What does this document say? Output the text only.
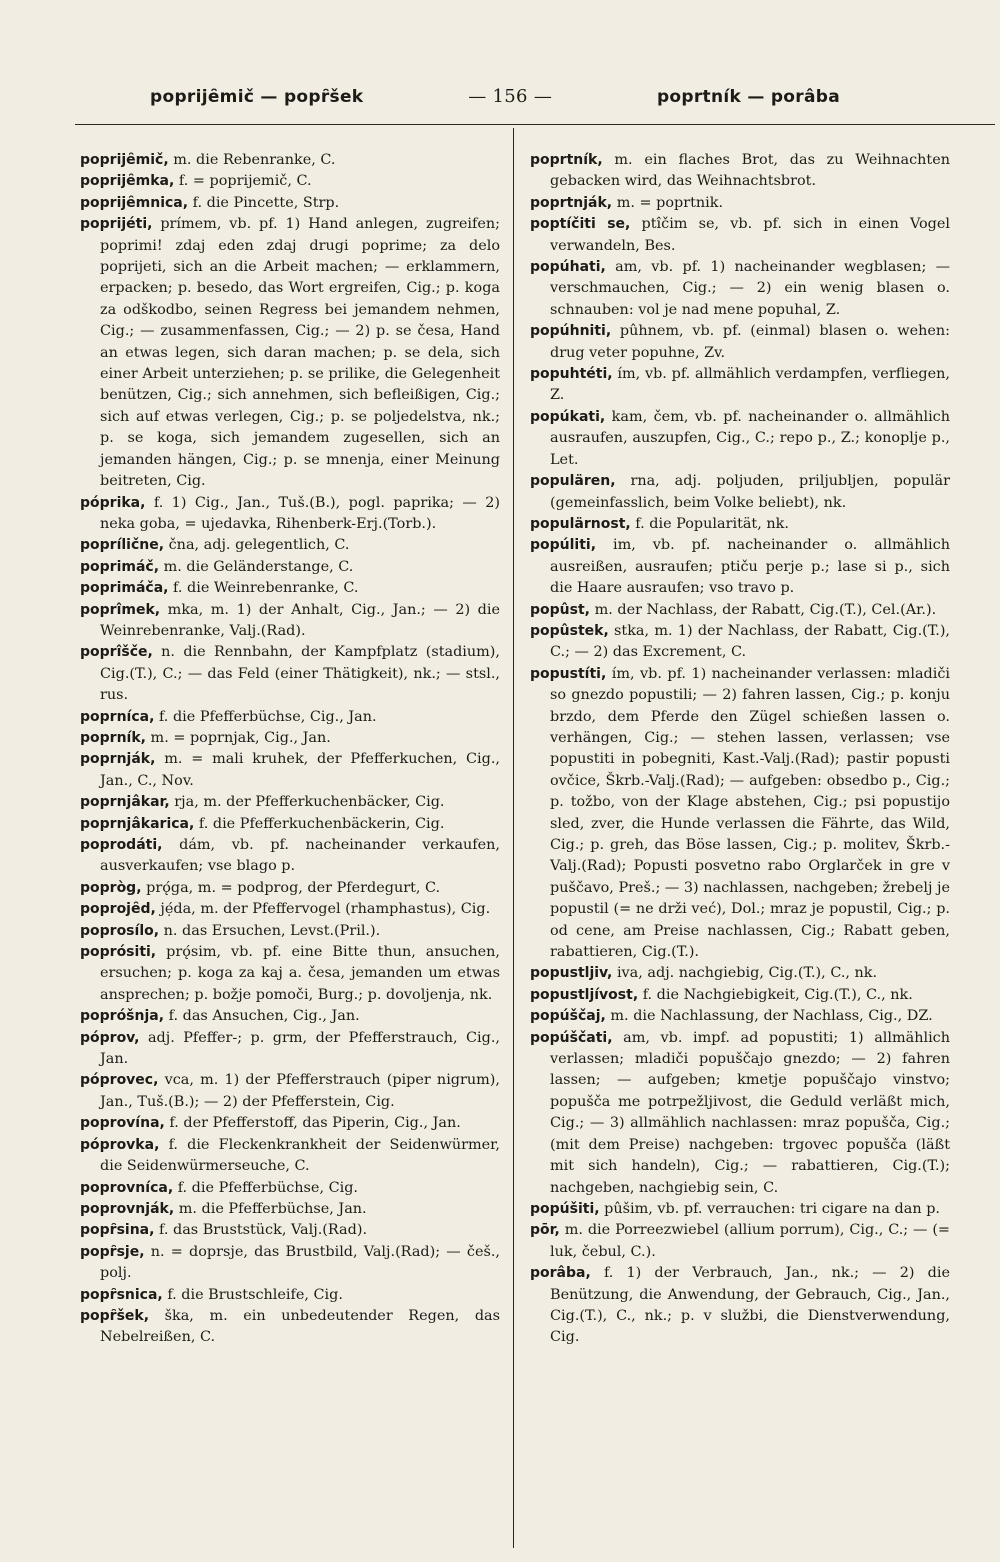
poprijȇmič — popȓšek	— 156 —	poprtník — porâba

poprijȇmič, m. die Rebenranke, C.

poprijȇmka, f. = poprijemič, C.

poprijȇmnica, f. die Pincette, Strp.

poprijéti, prímem, vb. pf. 1) Hand anlegen, zugreifen; poprimi! zdaj eden zdaj drugi poprime; za delo poprijeti, sich an die Arbeit machen; — erklammern, erpacken; p. besedo, das Wort ergreifen, Cig.; p. koga za odškodbo, seinen Regress bei jemandem nehmen, Cig.; — zusammenfassen, Cig.; — 2) p. se česa, Hand an etwas legen, sich daran machen; p. se dela, sich einer Arbeit unterziehen; p. se prilike, die Gelegenheit benützen, Cig.; sich annehmen, sich befleißigen, Cig.; sich auf etwas verlegen, Cig.; p. se poljedelstva, nk.; p. se koga, sich jemandem zugesellen, sich an jemanden hängen, Cig.; p. se mnenja, einer Meinung beitreten, Cig.

póprika, f. 1) Cig., Jan., Tuš.(B.), pogl. paprika; — 2) neka goba, = ujedavka, Rihenberk-Erj.(Torb.).

poprílične, čna, adj. gelegentlich, C.

poprimáč, m. die Geländerstange, C.

poprimáča, f. die Weinrebenranke, C.

poprîmek, mka, m. 1) der Anhalt, Cig., Jan.; — 2) die Weinrebenranke, Valj.(Rad).

poprîšče, n. die Rennbahn, der Kampfplatz (stadium), Cig.(T.), C.; — das Feld (einer Thätigkeit), nk.; — stsl., rus.

poprníca, f. die Pfefferbüchse, Cig., Jan.

poprník, m. = poprnjak, Cig., Jan.

poprnják, m. = mali kruhek, der Pfefferkuchen, Cig., Jan., C., Nov.

poprnjâkar, rja, m. der Pfefferkuchenbäcker, Cig.

poprnjâkarica, f. die Pfefferkuchenbäckerin, Cig.

poprodáti, dám, vb. pf. nacheinander verkaufen, ausverkaufen; vse blago p.

popròg, prǫ́ga, m. = podprog, der Pferdegurt, C.

poprojȇd, jẹ́da, m. der Pfeffervogel (rhamphastus), Cig.

poprosílo, n. das Ersuchen, Levst.(Pril.).

poprósiti, prǫ́sim, vb. pf. eine Bitte thun, ansuchen, ersuchen; p. koga za kaj a. česa, jemanden um etwas ansprechen; p. božje pomoči, Burg.; p. dovoljenja, nk.

popróšnja, f. das Ansuchen, Cig., Jan.

póprov, adj. Pfeffer-; p. grm, der Pfefferstrauch, Cig., Jan.

póprovec, vca, m. 1) der Pfefferstrauch (piper nigrum), Jan., Tuš.(B.); — 2) der Pfefferstein, Cig.

poprovína, f. der Pfefferstoff, das Piperin, Cig., Jan.

póprovka, f. die Fleckenkrankheit der Seidenwürmer, die Seidenwürmerseuche, C.

poprovníca, f. die Pfefferbüchse, Cig.

poprovnják, m. die Pfefferbüchse, Jan.

popȓsina, f. das Bruststück, Valj.(Rad).

popȓsje, n. = doprsje, das Brustbild, Valj.(Rad); — češ., polj.

popȓsnica, f. die Brustschleife, Cig.

popȓšek, ška, m. ein unbedeutender Regen, das Nebelreißen, C.

poprtník, m. ein flaches Brot, das zu Weihnachten gebacken wird, das Weihnachtsbrot.

poprtnják, m. = poprtnik.

poptíčiti se, ptîčim se, vb. pf. sich in einen Vogel verwandeln, Bes.

popúhati, am, vb. pf. 1) nacheinander wegblasen; — verschmauchen, Cig.; — 2) ein wenig blasen o. schnauben: vol je nad mene popuhal, Z.

popúhniti, pûhnem, vb. pf. (einmal) blasen o. wehen: drug veter popuhne, Zv.

popuhtéti, ím, vb. pf. allmählich verdampfen, verfliegen, Z.

popúkati, kam, čem, vb. pf. nacheinander o. allmählich ausraufen, auszupfen, Cig., C.; repo p., Z.; konoplje p., Let.

populären, rna, adj. poljuden, priljubljen, populär (gemeinfasslich, beim Volke beliebt), nk.

populärnost, f. die Popularität, nk.

popúliti, im, vb. pf. nacheinander o. allmählich ausreißen, ausraufen; ptiču perje p.; lase si p., sich die Haare ausraufen; vso travo p.

popûst, m. der Nachlass, der Rabatt, Cig.(T.), Cel.(Ar.).

popûstek, stka, m. 1) der Nachlass, der Rabatt, Cig.(T.), C.; — 2) das Excrement, C.

popustíti, ím, vb. pf. 1) nacheinander verlassen: mladiči so gnezdo popustili; — 2) fahren lassen, Cig.; p. konju brzdo, dem Pferde den Zügel schießen lassen o. verhängen, Cig.; — stehen lassen, verlassen; vse popustiti in pobegniti, Kast.-Valj.(Rad); pastir popusti ovčice, Škrb.-Valj.(Rad); — aufgeben: obsedbo p., Cig.; p. tožbo, von der Klage abstehen, Cig.; psi popustijo sled, zver, die Hunde verlassen die Fährte, das Wild, Cig.; p. greh, das Böse lassen, Cig.; p. molitev, Škrb.-Valj.(Rad); Popusti posvetno rabo Orglarček in gre v puščavo, Preš.; — 3) nachlassen, nachgeben; žrebelj je popustil (= ne drži već), Dol.; mraz je popustil, Cig.; p. od cene, am Preise nachlassen, Cig.; Rabatt geben, rabattieren, Cig.(T.).

popustljiv, iva, adj. nachgiebig, Cig.(T.), C., nk.

popustljívost, f. die Nachgiebigkeit, Cig.(T.), C., nk.

popúščaj, m. die Nachlassung, der Nachlass, Cig., DZ.

popúščati, am, vb. impf. ad popustiti; 1) allmählich verlassen; mladiči popuščajo gnezdo; — 2) fahren lassen; — aufgeben; kmetje popuščajo vinstvo; popušča me potrpežljivost, die Geduld verläßt mich, Cig.; — 3) allmählich nachlassen: mraz popušča, Cig.; (mit dem Preise) nachgeben: trgovec popušča (läßt mit sich handeln), Cig.; — rabattieren, Cig.(T.); nachgeben, nachgiebig sein, C.

popúšiti, pûšim, vb. pf. verrauchen: tri cigare na dan p.

pōr, m. die Porreezwiebel (allium porrum), Cig., C.; — (= luk, čebul, C.).

porâba, f. 1) der Verbrauch, Jan., nk.; — 2) die Benützung, die Anwendung, der Gebrauch, Cig., Jan., Cig.(T.), C., nk.; p. v službi, die Dienstverwendung, Cig.
